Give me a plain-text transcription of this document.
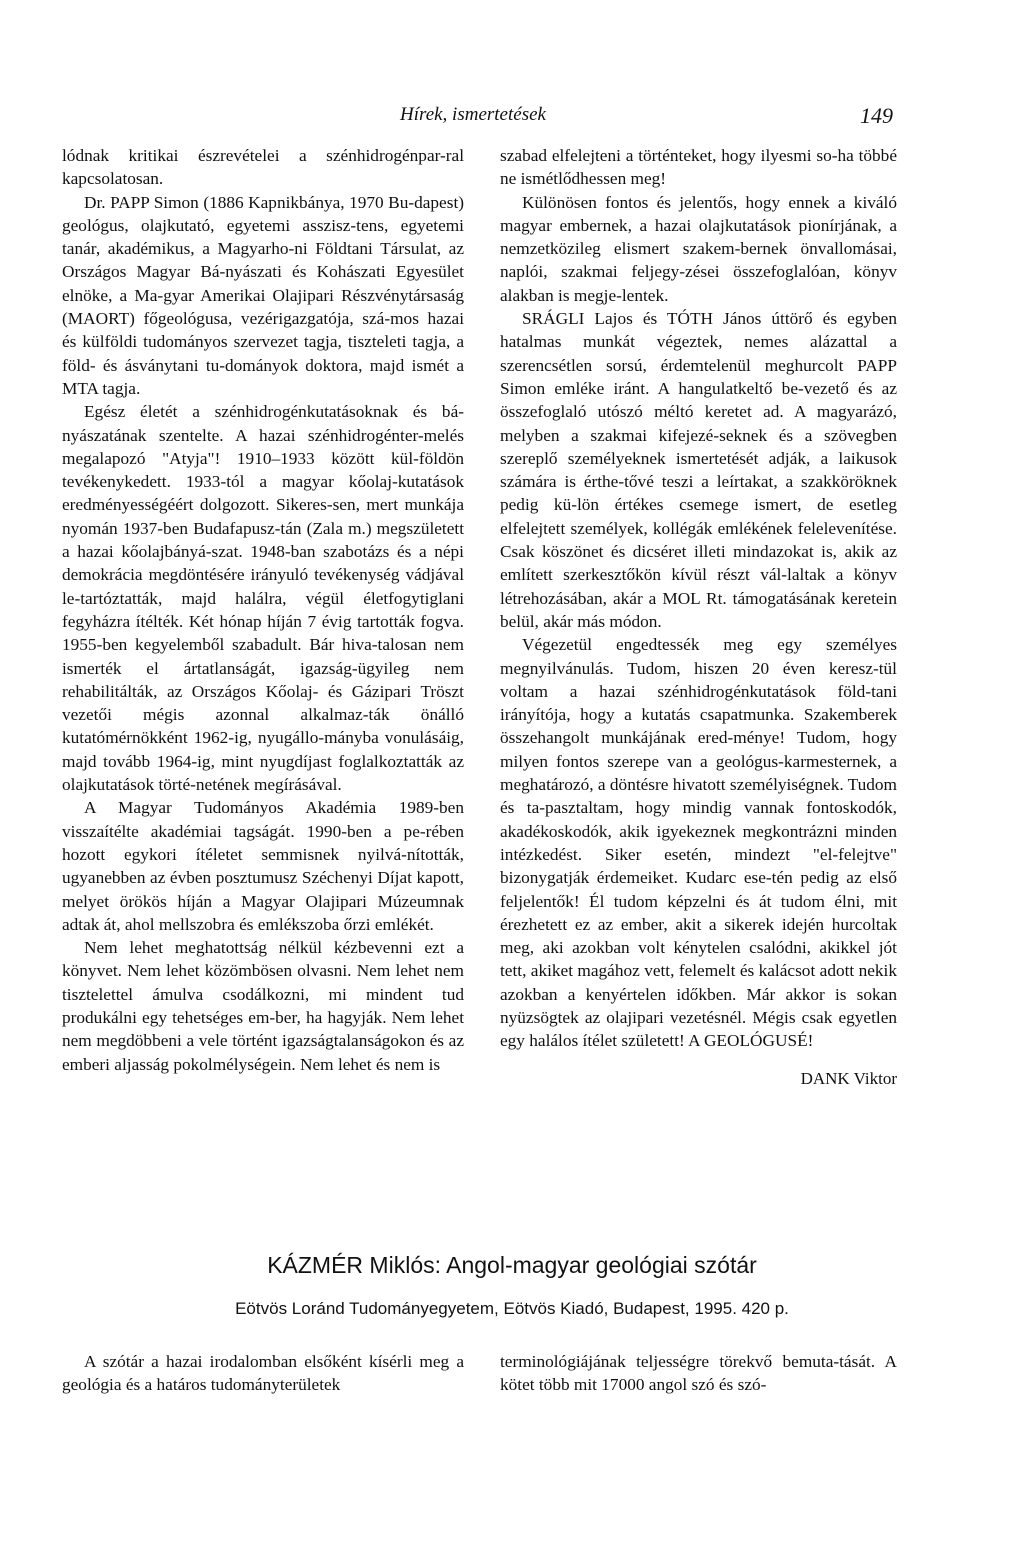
Hírek, ismertetések	149

lódnak kritikai észrevételei a szénhidrogénpar-ral kapcsolatosan.

Dr. PAPP Simon (1886 Kapnikbánya, 1970 Bu-dapest) geológus, olajkutató, egyetemi asszisz-tens, egyetemi tanár, akadémikus, a Magyarho-ni Földtani Társulat, az Országos Magyar Bá-nyászati és Kohászati Egyesület elnöke, a Ma-gyar Amerikai Olajipari Részvénytársaság (MAORT) főgeológusa, vezérigazgatója, szá-mos hazai és külföldi tudományos szervezet tagja, tiszteleti tagja, a föld- és ásványtani tu-dományok doktora, majd ismét a MTA tagja.

Egész életét a szénhidrogénkutatásoknak és bá-nyászatának szentelte. A hazai szénhidrogénter-melés megalapozó "Atyja"! 1910–1933 között kül-földön tevékenykedett. 1933-tól a magyar kőolaj-kutatások eredményességéért dolgozott. Sikeres-sen, mert munkája nyomán 1937-ben Budafapusz-tán (Zala m.) megszületett a hazai kőolajbányá-szat. 1948-ban szabotázs és a népi demokrácia megdöntésére irányuló tevékenység vádjával le-tartóztatták, majd halálra, végül életfogytiglani fegyházra ítélték. Két hónap híján 7 évig tartották fogva. 1955-ben kegyelemből szabadult. Bár hiva-talosan nem ismerték el ártatlanságát, igazság-ügyileg nem rehabilitálták, az Országos Kőolaj- és Gázipari Tröszt vezetői mégis azonnal alkalmaz-ták önálló kutatómérnökként 1962-ig, nyugállo-mányba vonulásáig, majd tovább 1964-ig, mint nyugdíjast foglalkoztatták az olajkutatások törté-netének megírásával.

A Magyar Tudományos Akadémia 1989-ben visszaítélte akadémiai tagságát. 1990-ben a pe-rében hozott egykori ítéletet semmisnek nyilvá-nították, ugyanebben az évben posztumusz Széchenyi Díjat kapott, melyet örökös híján a Magyar Olajipari Múzeumnak adtak át, ahol mellszobra és emlékszoba őrzi emlékét.

Nem lehet meghatottság nélkül kézbevenni ezt a könyvet. Nem lehet közömbösen olvasni. Nem lehet nem tisztelettel ámulva csodálkozni, mi mindent tud produkálni egy tehetséges em-ber, ha hagyják. Nem lehet nem megdöbbeni a vele történt igazságtalanságokon és az emberi aljasság pokolmélységein. Nem lehet és nem is

szabad elfelejteni a történteket, hogy ilyesmi so-ha többé ne ismétlődhessen meg!

Különösen fontos és jelentős, hogy ennek a kiváló magyar embernek, a hazai olajkutatások pionírjának, a nemzetközileg elismert szakem-bernek önvallomásai, naplói, szakmai feljegy-zései összefoglalóan, könyv alakban is megje-lentek.

SRÁGLI Lajos és TÓTH János úttörő és egyben hatalmas munkát végeztek, nemes alázattal a szerencsétlen sorsú, érdemtelenül meghurcolt PAPP Simon emléke iránt. A hangulatkeltő be-vezető és az összefoglaló utószó méltó keretet ad. A magyarázó, melyben a szakmai kifejezé-seknek és a szövegben szereplő személyeknek ismertetését adják, a laikusok számára is érthe-tővé teszi a leírtakat, a szakköröknek pedig kü-lön értékes csemege ismert, de esetleg elfelejtett személyek, kollégák emlékének felelevenítése. Csak köszönet és dicséret illeti mindazokat is, akik az említett szerkesztőkön kívül részt vál-laltak a könyv létrehozásában, akár a MOL Rt. támogatásának keretein belül, akár más módon.

Végezetül engedtessék meg egy személyes megnyilvánulás. Tudom, hiszen 20 éven keresz-tül voltam a hazai szénhidrogénkutatások föld-tani irányítója, hogy a kutatás csapatmunka. Szakemberek összehangolt munkájának ered-ménye! Tudom, hogy milyen fontos szerepe van a geológus-karmesternek, a meghatározó, a döntésre hivatott személyiségnek. Tudom és ta-pasztaltam, hogy mindig vannak fontoskodók, akadékoskodók, akik igyekeznek megkontrázni minden intézkedést. Siker esetén, mindezt "el-felejtve" bizonygatják érdemeiket. Kudarc ese-tén pedig az első feljelentők! Él tudom képzelni és át tudom élni, mit érezhetett ez az ember, akit a sikerek idején hurcoltak meg, aki azokban volt kénytelen csalódni, akikkel jót tett, akiket magához vett, felemelt és kalácsot adott nekik azokban a kenyértelen időkben. Már akkor is sokan nyüzsögtek az olajipari vezetésnél. Mégis csak egyetlen egy halálos ítélet született! A GEOLÓGUSÉ!

DANK Viktor
KÁZMÉR Miklós: Angol-magyar geológiai szótár
Eötvös Loránd Tudományegyetem, Eötvös Kiadó, Budapest, 1995. 420 p.

A szótár a hazai irodalomban elsőként kísérli meg a geológia és a határos tudományterületek

terminológiájának teljességre törekvő bemuta-tását. A kötet több mit 17000 angol szó és szó-
